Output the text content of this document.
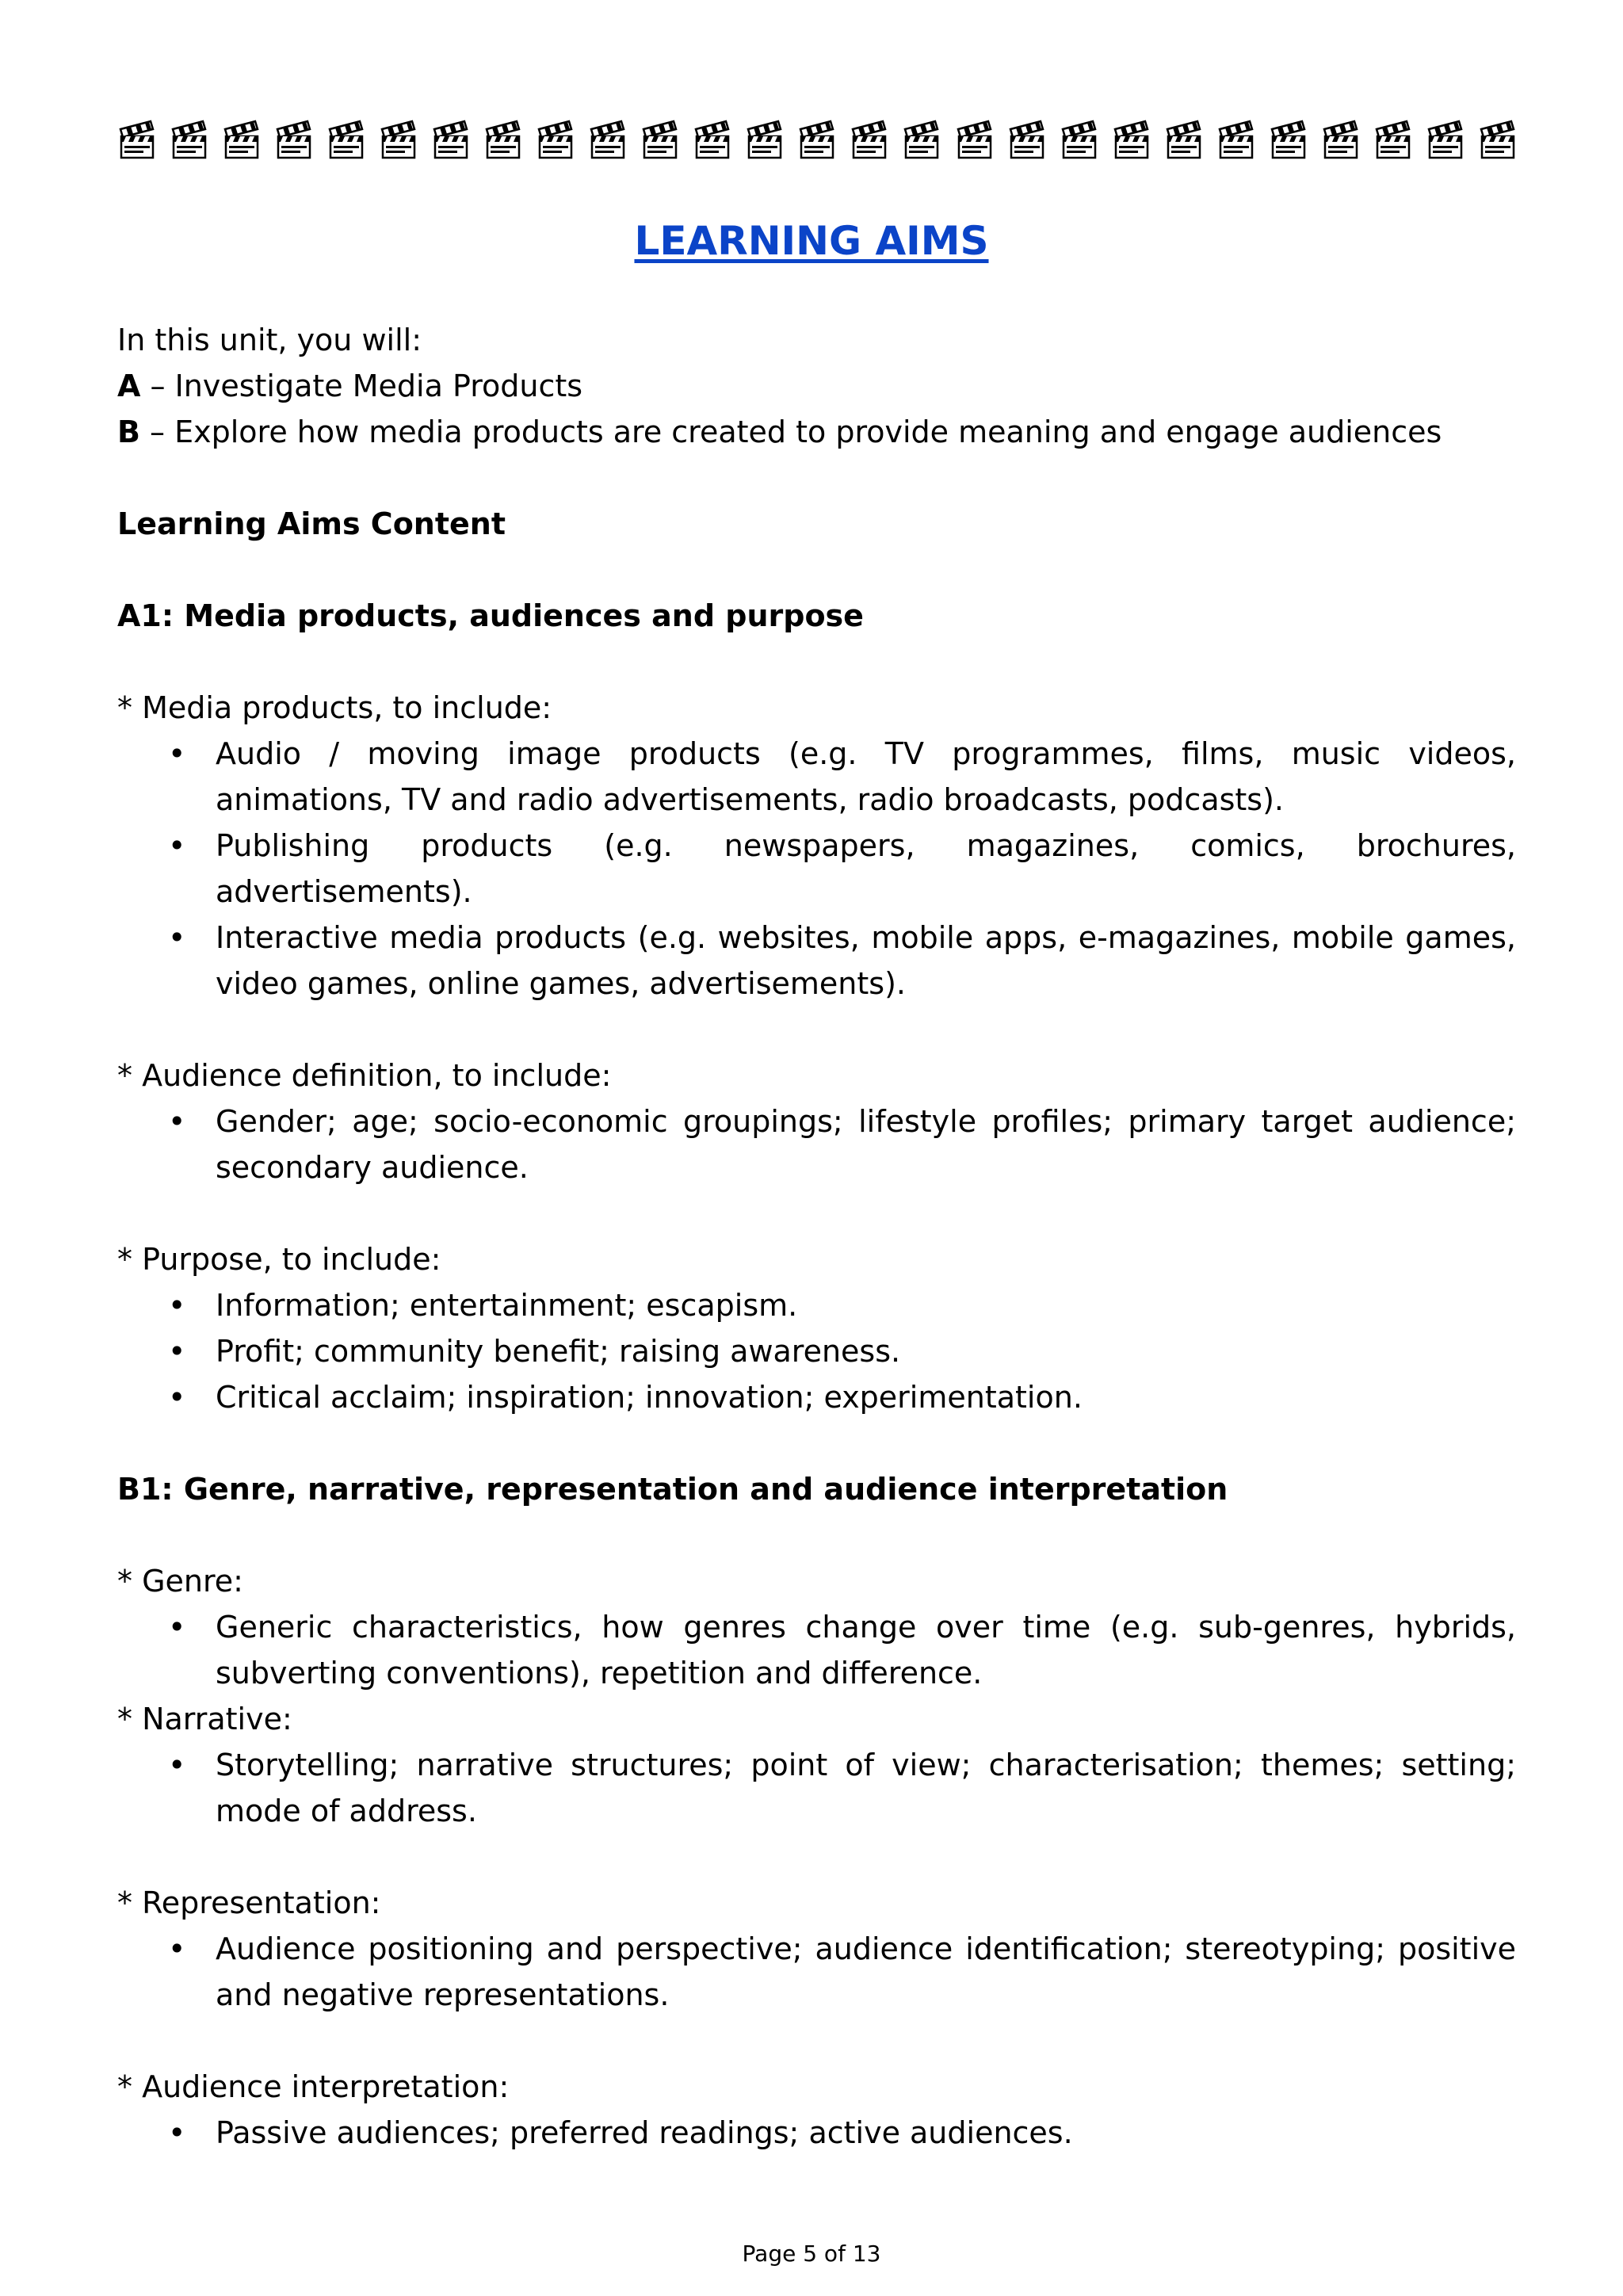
LEARNING AIMS

In this unit, you will:

A – Investigate Media Products

B – Explore how media products are created to provide meaning and engage audiences

Learning Aims Content

A1: Media products, audiences and purpose

* Media products, to include:

• Audio / moving image products (e.g. TV programmes, films, music videos, animations, TV and radio advertisements, radio broadcasts, podcasts).
• Publishing products (e.g. newspapers, magazines, comics, brochures, advertisements).
• Interactive media products (e.g. websites, mobile apps, e-magazines, mobile games, video games, online games, advertisements).

* Audience definition, to include:

• Gender; age; socio-economic groupings; lifestyle profiles; primary target audience; secondary audience.

* Purpose, to include:

• Information; entertainment; escapism.
• Profit; community benefit; raising awareness.
• Critical acclaim; inspiration; innovation; experimentation.

B1: Genre, narrative, representation and audience interpretation

* Genre:

• Generic characteristics, how genres change over time (e.g. sub-genres, hybrids, subverting conventions), repetition and difference.

* Narrative:

• Storytelling; narrative structures; point of view; characterisation; themes; setting; mode of address.

* Representation:

• Audience positioning and perspective; audience identification; stereotyping; positive and negative representations.

* Audience interpretation:

• Passive audiences; preferred readings; active audiences.
Page 5 of 13
